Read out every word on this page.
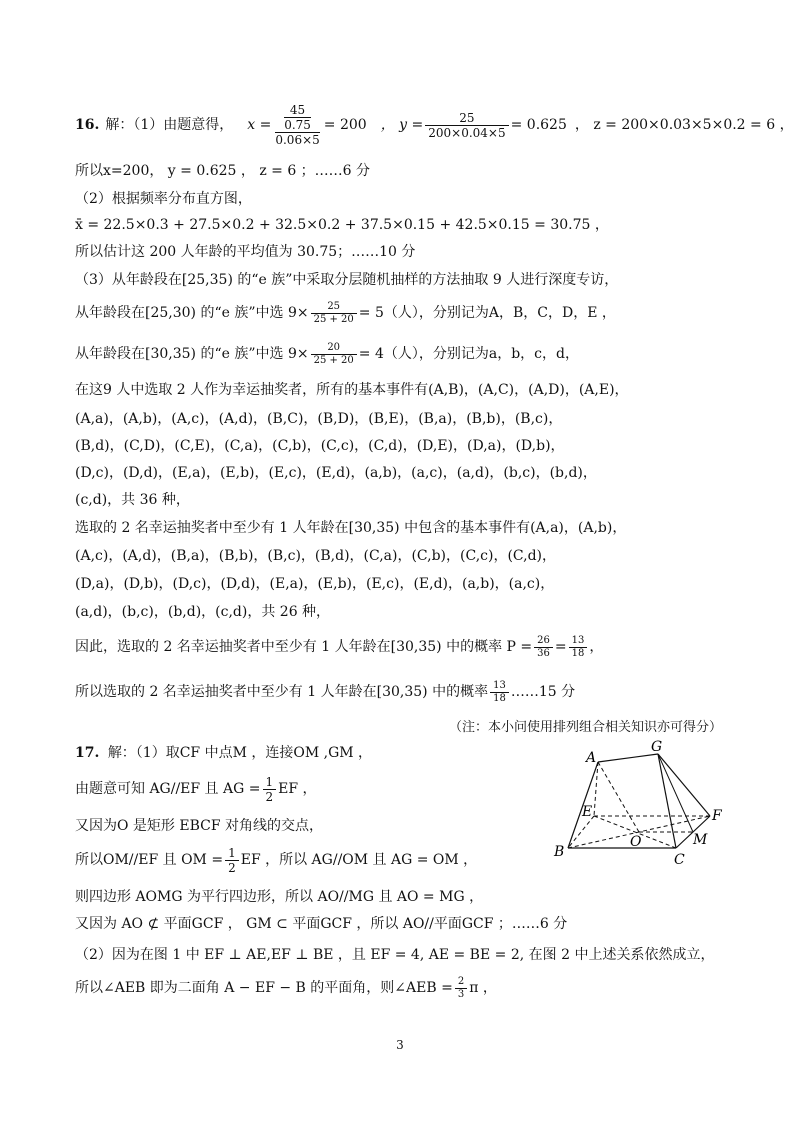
16. 解：（1）由题意得， $x = \frac{\frac{45}{0.75}}{0.06\times 5} = 200$ ， $y = \frac{25}{200\times 0.04\times 5} = 0.625$ ， z = 200×0.03×5×0.2 = 6 ，
所以x=200， y = 0.625 ， z = 6 ；……6 分
（2）根据频率分布直方图，
x̄ = 22.5×0.3 + 27.5×0.2 + 32.5×0.2 + 37.5×0.15 + 42.5×0.15 = 30.75 ，
所以估计这 200 人年龄的平均值为 30.75；……10 分
（3）从年龄段在[25,35) 的“e 族”中采取分层随机抽样的方法抽取 9 人进行深度专访，
从年龄段在[25,30) 的“e 族”中选 $9\times \frac{25}{25 + 20} = 5$（人），分别记为A，B，C，D，E ，
从年龄段在[30,35) 的“e 族”中选 $9\times \frac{20}{25 + 20} = 4$（人），分别记为a，b，c，d，
在这9 人中选取 2 人作为幸运抽奖者，所有的基本事件有(A,B)，(A,C)，(A,D)，(A,E)，
(A,a)，(A,b)，(A,c)，(A,d)，(B,C)，(B,D)，(B,E)，(B,a)，(B,b)，(B,c)，
(B,d)，(C,D)，(C,E)，(C,a)，(C,b)，(C,c)，(C,d)，(D,E)，(D,a)，(D,b)，
(D,c)，(D,d)，(E,a)，(E,b)，(E,c)，(E,d)，(a,b)，(a,c)，(a,d)，(b,c)，(b,d)，
(c,d)，共 36 种，
选取的 2 名幸运抽奖者中至少有 1 人年龄在[30,35) 中包含的基本事件有(A,a)，(A,b)，
(A,c)，(A,d)，(B,a)，(B,b)，(B,c)，(B,d)，(C,a)，(C,b)，(C,c)，(C,d)，
(D,a)，(D,b)，(D,c)，(D,d)，(E,a)，(E,b)，(E,c)，(E,d)，(a,b)，(a,c)，
(a,d)，(b,c)，(b,d)，(c,d)，共 26 种，
因此，选取的 2 名幸运抽奖者中至少有 1 人年龄在[30,35) 中的概率 $P = \frac{26}{36} = \frac{13}{18}$ ，
所以选取的 2 名幸运抽奖者中至少有 1 人年龄在[30,35) 中的概率 $\frac{13}{18}$ ……15 分
（注：本小问使用排列组合相关知识亦可得分）
17. 解：（1）取CF 中点M ，连接OM ,GM ，
由题意可知 AG//EF 且 AG = $\frac{1}{2}$ EF ，
又因为O 是矩形 EBCF 对角线的交点，
所以OM//EF 且 OM = $\frac{1}{2}$ EF ，所以 AG//OM 且 AG = OM ，
则四边形 AOMG 为平行四边形，所以 AO//MG 且 AO = MG ，
又因为 AO ⊄ 平面GCF ， GM ⊂ 平面GCF ，所以 AO//平面GCF ；……6 分
（2）因为在图 1 中 EF ⊥ AE,EF ⊥ BE ，且 EF = 4, AE = BE = 2, 在图 2 中上述关系依然成立，
所以∠AEB 即为二面角 A − EF − B 的平面角，则∠AEB = $\frac{2}{3}$ π ，
A
G
E	F
B
O	M
C
3
